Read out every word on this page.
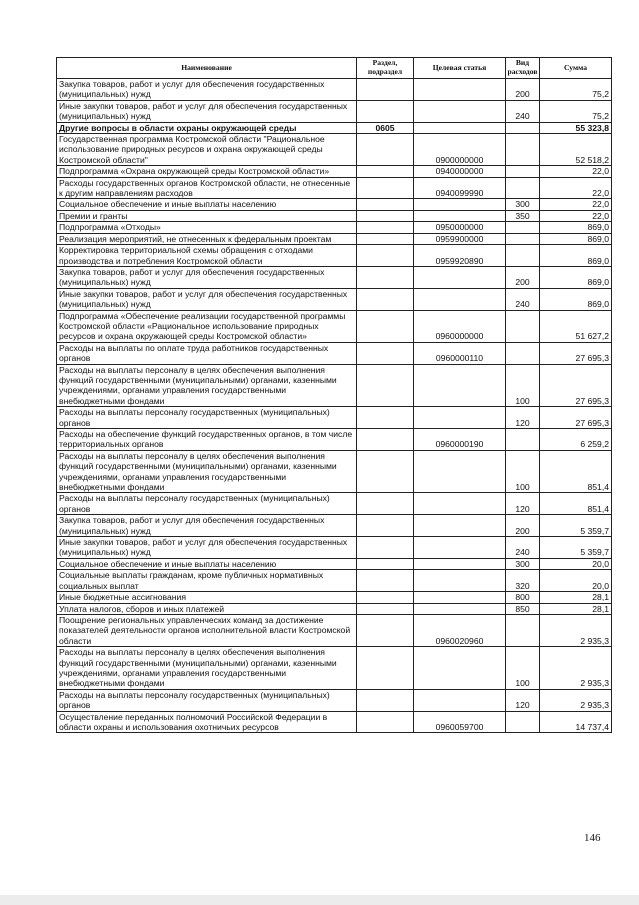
Наименование	Раздел, подраздел	Целевая статья	Вид расходов	Сумма
Закупка товаров, работ и услуг для обеспечения государственных (муниципальных) нужд			200	75,2
Иные закупки товаров, работ и услуг для обеспечения государственных (муниципальных) нужд			240	75,2
Другие вопросы в области охраны окружающей среды	0605			55 323,8
Государственная программа Костромской области "Рациональное использование природных ресурсов и охрана окружающей среды Костромской области"		0900000000		52 518,2
Подпрограмма «Охрана окружающей среды Костромской области»		0940000000		22,0
Расходы государственных органов Костромской области, не отнесенные к другим направлениям расходов		0940099990		22,0
Социальное обеспечение и иные выплаты населению			300	22,0
Премии и гранты			350	22,0
Подпрограмма «Отходы»		0950000000		869,0
Реализация мероприятий, не отнесенных к федеральным проектам		0959900000		869,0
Корректировка территориальной схемы обращения с отходами производства и потребления Костромской области		0959920890		869,0
Закупка товаров, работ и услуг для обеспечения государственных (муниципальных) нужд			200	869,0
Иные закупки товаров, работ и услуг для обеспечения государственных (муниципальных) нужд			240	869,0
Подпрограмма «Обеспечение реализации государственной программы Костромской области «Рациональное использование природных ресурсов и охрана окружающей среды Костромской области»		0960000000		51 627,2
Расходы на выплаты по оплате труда работников государственных органов		0960000110		27 695,3
Расходы на выплаты персоналу в целях обеспечения выполнения функций государственными (муниципальными) органами, казенными учреждениями, органами управления государственными внебюджетными фондами			100	27 695,3
Расходы на выплаты персоналу государственных (муниципальных) органов			120	27 695,3
Расходы на обеспечение функций государственных органов, в том числе территориальных органов		0960000190		6 259,2
Расходы на выплаты персоналу в целях обеспечения выполнения функций государственными (муниципальными) органами, казенными учреждениями, органами управления государственными внебюджетными фондами			100	851,4
Расходы на выплаты персоналу государственных (муниципальных) органов			120	851,4
Закупка товаров, работ и услуг для обеспечения государственных (муниципальных) нужд			200	5 359,7
Иные закупки товаров, работ и услуг для обеспечения государственных (муниципальных) нужд			240	5 359,7
Социальное обеспечение и иные выплаты населению			300	20,0
Социальные выплаты гражданам, кроме публичных нормативных социальных выплат			320	20,0
Иные бюджетные ассигнования			800	28,1
Уплата налогов, сборов и иных платежей			850	28,1
Поощрение региональных управленческих команд за достижение показателей деятельности органов исполнительной власти Костромской области		0960020960		2 935,3
Расходы на выплаты персоналу в целях обеспечения выполнения функций государственными (муниципальными) органами, казенными учреждениями, органами управления государственными внебюджетными фондами			100	2 935,3
Расходы на выплаты персоналу государственных (муниципальных) органов			120	2 935,3
Осуществление переданных полномочий Российской Федерации в области охраны и использования охотничьих ресурсов		0960059700		14 737,4
146
